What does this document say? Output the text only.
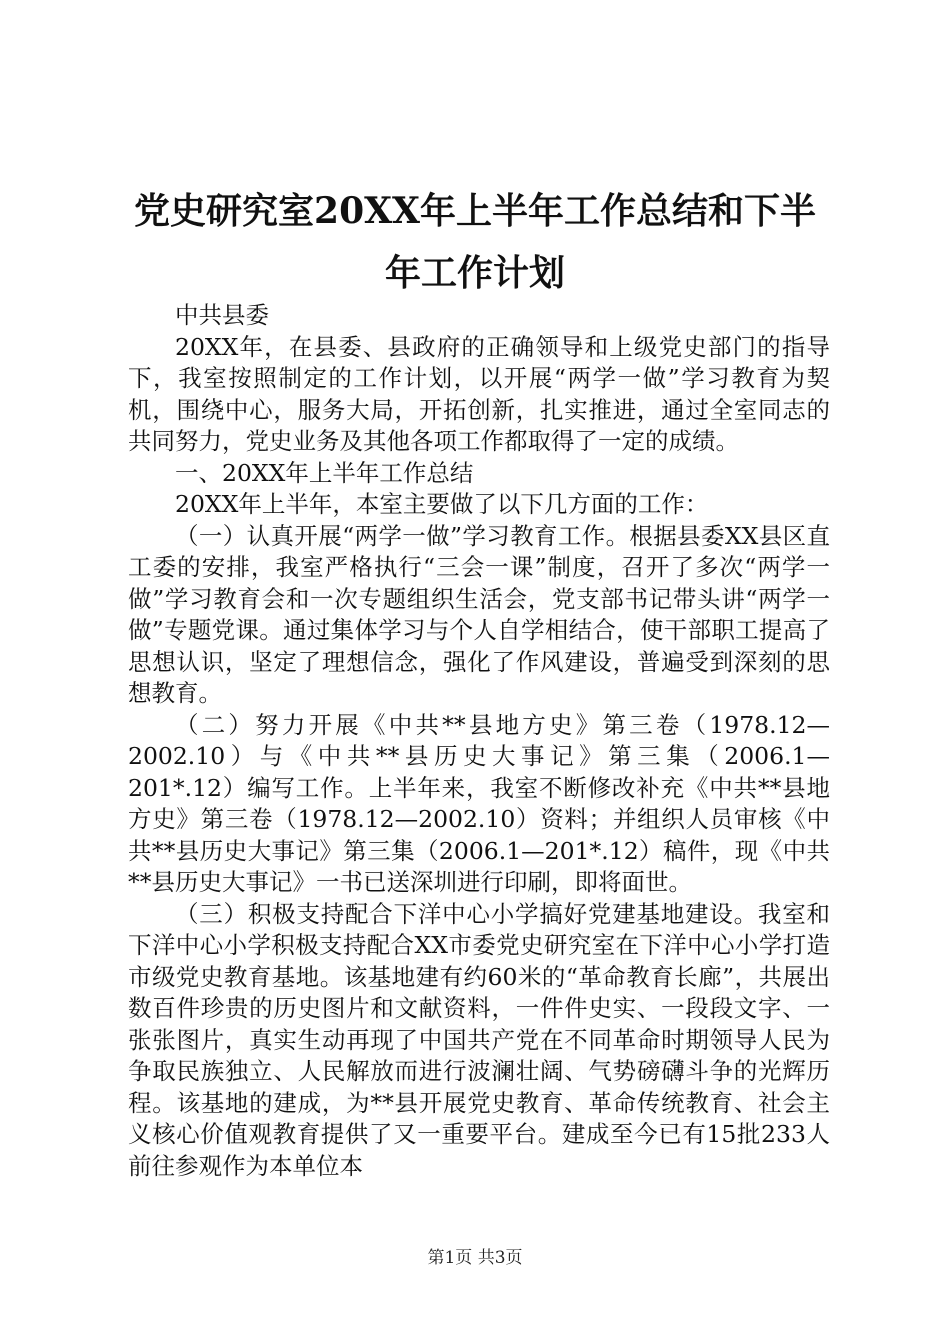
党史研究室20XX年上半年工作总结和下半年工作计划

中共县委

20XX年，在县委、县政府的正确领导和上级党史部门的指导下，我室按照制定的工作计划，以开展“两学一做”学习教育为契机，围绕中心，服务大局，开拓创新，扎实推进，通过全室同志的共同努力，党史业务及其他各项工作都取得了一定的成绩。

一、20XX年上半年工作总结

20XX年上半年，本室主要做了以下几方面的工作：

（一）认真开展“两学一做”学习教育工作。根据县委XX县区直工委的安排，我室严格执行“三会一课”制度，召开了多次“两学一做”学习教育会和一次专题组织生活会，党支部书记带头讲“两学一做”专题党课。通过集体学习与个人自学相结合，使干部职工提高了思想认识，坚定了理想信念，强化了作风建设，普遍受到深刻的思想教育。

（二）努力开展《中共**县地方史》第三卷（1978.12—2002.10）与《中共**县历史大事记》第三集（2006.1—201*.12）编写工作。上半年来，我室不断修改补充《中共**县地方史》第三卷（1978.12—2002.10）资料；并组织人员审核《中共**县历史大事记》第三集（2006.1—201*.12）稿件，现《中共**县历史大事记》一书已送深圳进行印刷，即将面世。

（三）积极支持配合下洋中心小学搞好党建基地建设。我室和下洋中心小学积极支持配合XX市委党史研究室在下洋中心小学打造市级党史教育基地。该基地建有约60米的“革命教育长廊”，共展出数百件珍贵的历史图片和文献资料，一件件史实、一段段文字、一张张图片，真实生动再现了中国共产党在不同革命时期领导人民为争取民族独立、人民解放而进行波澜壮阔、气势磅礴斗争的光辉历程。该基地的建成，为**县开展党史教育、革命传统教育、社会主义核心价值观教育提供了又一重要平台。建成至今已有15批233人前往参观作为本单位本

第1页 共3页
